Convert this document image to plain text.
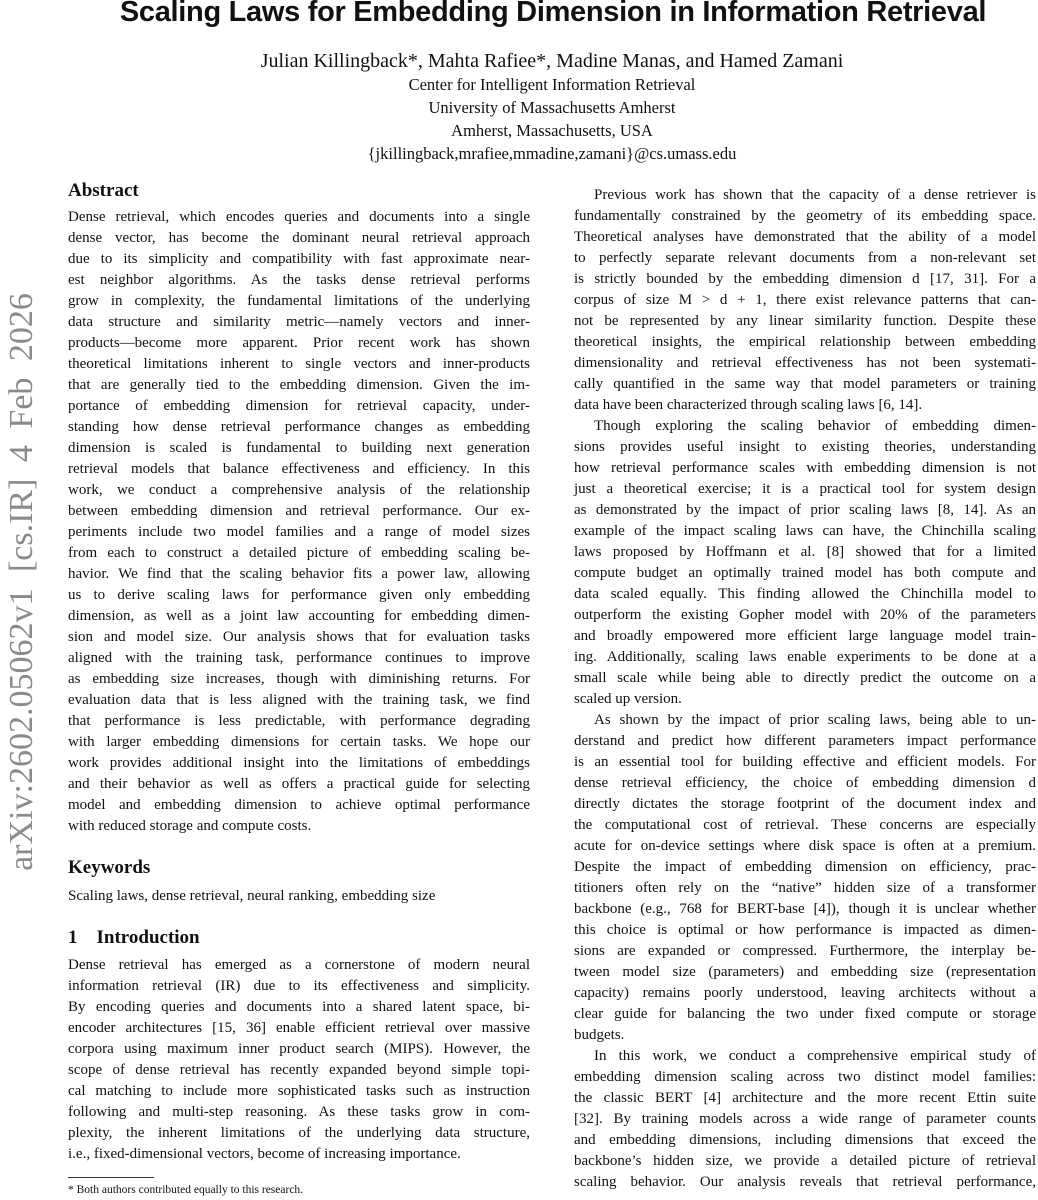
arXiv:2602.05062v1 [cs.IR] 4 Feb 2026
Scaling Laws for Embedding Dimension in Information Retrieval
Julian Killingback*, Mahta Rafiee*, Madine Manas, and Hamed Zamani
Center for Intelligent Information Retrieval
University of Massachusetts Amherst
Amherst, Massachusetts, USA
{jkillingback,mrafiee,mmadine,zamani}@cs.umass.edu
Abstract
Dense retrieval, which encodes queries and documents into a single
dense vector, has become the dominant neural retrieval approach
due to its simplicity and compatibility with fast approximate near-
est neighbor algorithms. As the tasks dense retrieval performs
grow in complexity, the fundamental limitations of the underlying
data structure and similarity metric—namely vectors and inner-
products—become more apparent. Prior recent work has shown
theoretical limitations inherent to single vectors and inner-products
that are generally tied to the embedding dimension. Given the im-
portance of embedding dimension for retrieval capacity, under-
standing how dense retrieval performance changes as embedding
dimension is scaled is fundamental to building next generation
retrieval models that balance effectiveness and efficiency. In this
work, we conduct a comprehensive analysis of the relationship
between embedding dimension and retrieval performance. Our ex-
periments include two model families and a range of model sizes
from each to construct a detailed picture of embedding scaling be-
havior. We find that the scaling behavior fits a power law, allowing
us to derive scaling laws for performance given only embedding
dimension, as well as a joint law accounting for embedding dimen-
sion and model size. Our analysis shows that for evaluation tasks
aligned with the training task, performance continues to improve
as embedding size increases, though with diminishing returns. For
evaluation data that is less aligned with the training task, we find
that performance is less predictable, with performance degrading
with larger embedding dimensions for certain tasks. We hope our
work provides additional insight into the limitations of embeddings
and their behavior as well as offers a practical guide for selecting
model and embedding dimension to achieve optimal performance
with reduced storage and compute costs.
Keywords
Scaling laws, dense retrieval, neural ranking, embedding size
1    Introduction
Dense retrieval has emerged as a cornerstone of modern neural
information retrieval (IR) due to its effectiveness and simplicity.
By encoding queries and documents into a shared latent space, bi-
encoder architectures [15, 36] enable efficient retrieval over massive
corpora using maximum inner product search (MIPS). However, the
scope of dense retrieval has recently expanded beyond simple topi-
cal matching to include more sophisticated tasks such as instruction
following and multi-step reasoning. As these tasks grow in com-
plexity, the inherent limitations of the underlying data structure,
i.e., fixed-dimensional vectors, become of increasing importance.
Previous work has shown that the capacity of a dense retriever is
fundamentally constrained by the geometry of its embedding space.
Theoretical analyses have demonstrated that the ability of a model
to perfectly separate relevant documents from a non-relevant set
is strictly bounded by the embedding dimension d [17, 31]. For a
corpus of size M > d + 1, there exist relevance patterns that can-
not be represented by any linear similarity function. Despite these
theoretical insights, the empirical relationship between embedding
dimensionality and retrieval effectiveness has not been systemati-
cally quantified in the same way that model parameters or training
data have been characterized through scaling laws [6, 14].
Though exploring the scaling behavior of embedding dimen-
sions provides useful insight to existing theories, understanding
how retrieval performance scales with embedding dimension is not
just a theoretical exercise; it is a practical tool for system design
as demonstrated by the impact of prior scaling laws [8, 14]. As an
example of the impact scaling laws can have, the Chinchilla scaling
laws proposed by Hoffmann et al. [8] showed that for a limited
compute budget an optimally trained model has both compute and
data scaled equally. This finding allowed the Chinchilla model to
outperform the existing Gopher model with 20% of the parameters
and broadly empowered more efficient large language model train-
ing. Additionally, scaling laws enable experiments to be done at a
small scale while being able to directly predict the outcome on a
scaled up version.
As shown by the impact of prior scaling laws, being able to un-
derstand and predict how different parameters impact performance
is an essential tool for building effective and efficient models. For
dense retrieval efficiency, the choice of embedding dimension d
directly dictates the storage footprint of the document index and
the computational cost of retrieval. These concerns are especially
acute for on-device settings where disk space is often at a premium.
Despite the impact of embedding dimension on efficiency, prac-
titioners often rely on the “native” hidden size of a transformer
backbone (e.g., 768 for BERT-base [4]), though it is unclear whether
this choice is optimal or how performance is impacted as dimen-
sions are expanded or compressed. Furthermore, the interplay be-
tween model size (parameters) and embedding size (representation
capacity) remains poorly understood, leaving architects without a
clear guide for balancing the two under fixed compute or storage
budgets.
In this work, we conduct a comprehensive empirical study of
embedding dimension scaling across two distinct model families:
the classic BERT [4] architecture and the more recent Ettin suite
[32]. By training models across a wide range of parameter counts
and embedding dimensions, including dimensions that exceed the
backbone’s hidden size, we provide a detailed picture of retrieval
scaling behavior. Our analysis reveals that retrieval performance,
* Both authors contributed equally to this research.
